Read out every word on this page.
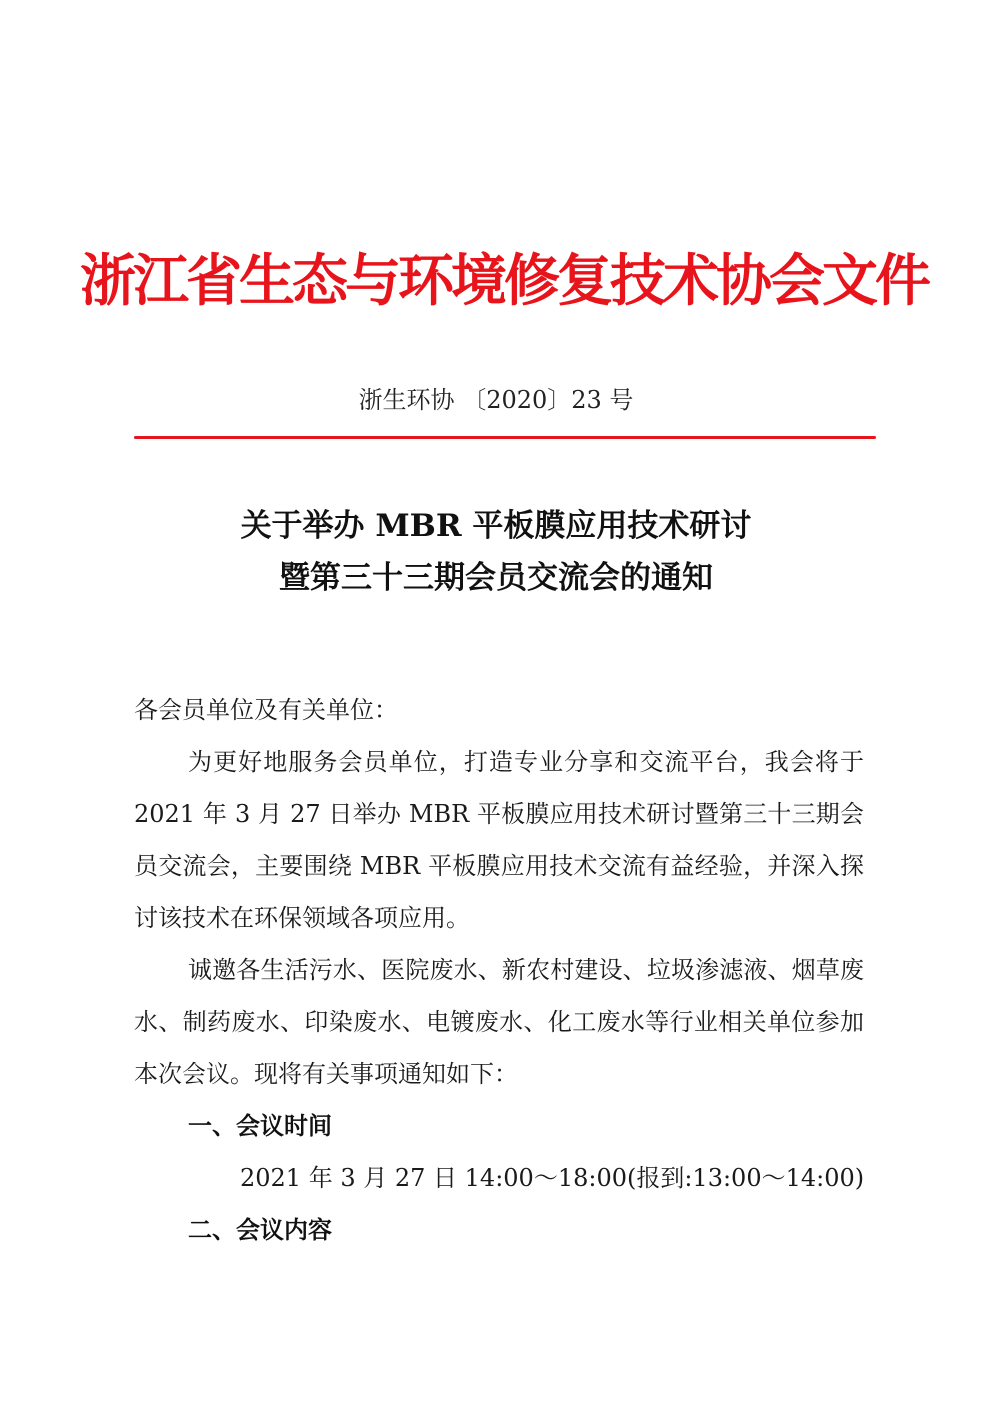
浙江省生态与环境修复技术协会文件
浙生环协 〔2020〕23 号
关于举办 MBR 平板膜应用技术研讨
暨第三十三期会员交流会的通知
各会员单位及有关单位：

为更好地服务会员单位，打造专业分享和交流平台，我会将于 2021 年 3 月 27 日举办 MBR 平板膜应用技术研讨暨第三十三期会员交流会，主要围绕 MBR 平板膜应用技术交流有益经验，并深入探讨该技术在环保领域各项应用。

诚邀各生活污水、医院废水、新农村建设、垃圾渗滤液、烟草废水、制药废水、印染废水、电镀废水、化工废水等行业相关单位参加本次会议。现将有关事项通知如下：

一、会议时间
2021 年 3 月 27 日 14:00～18:00(报到:13:00～14:00)
二、会议内容
